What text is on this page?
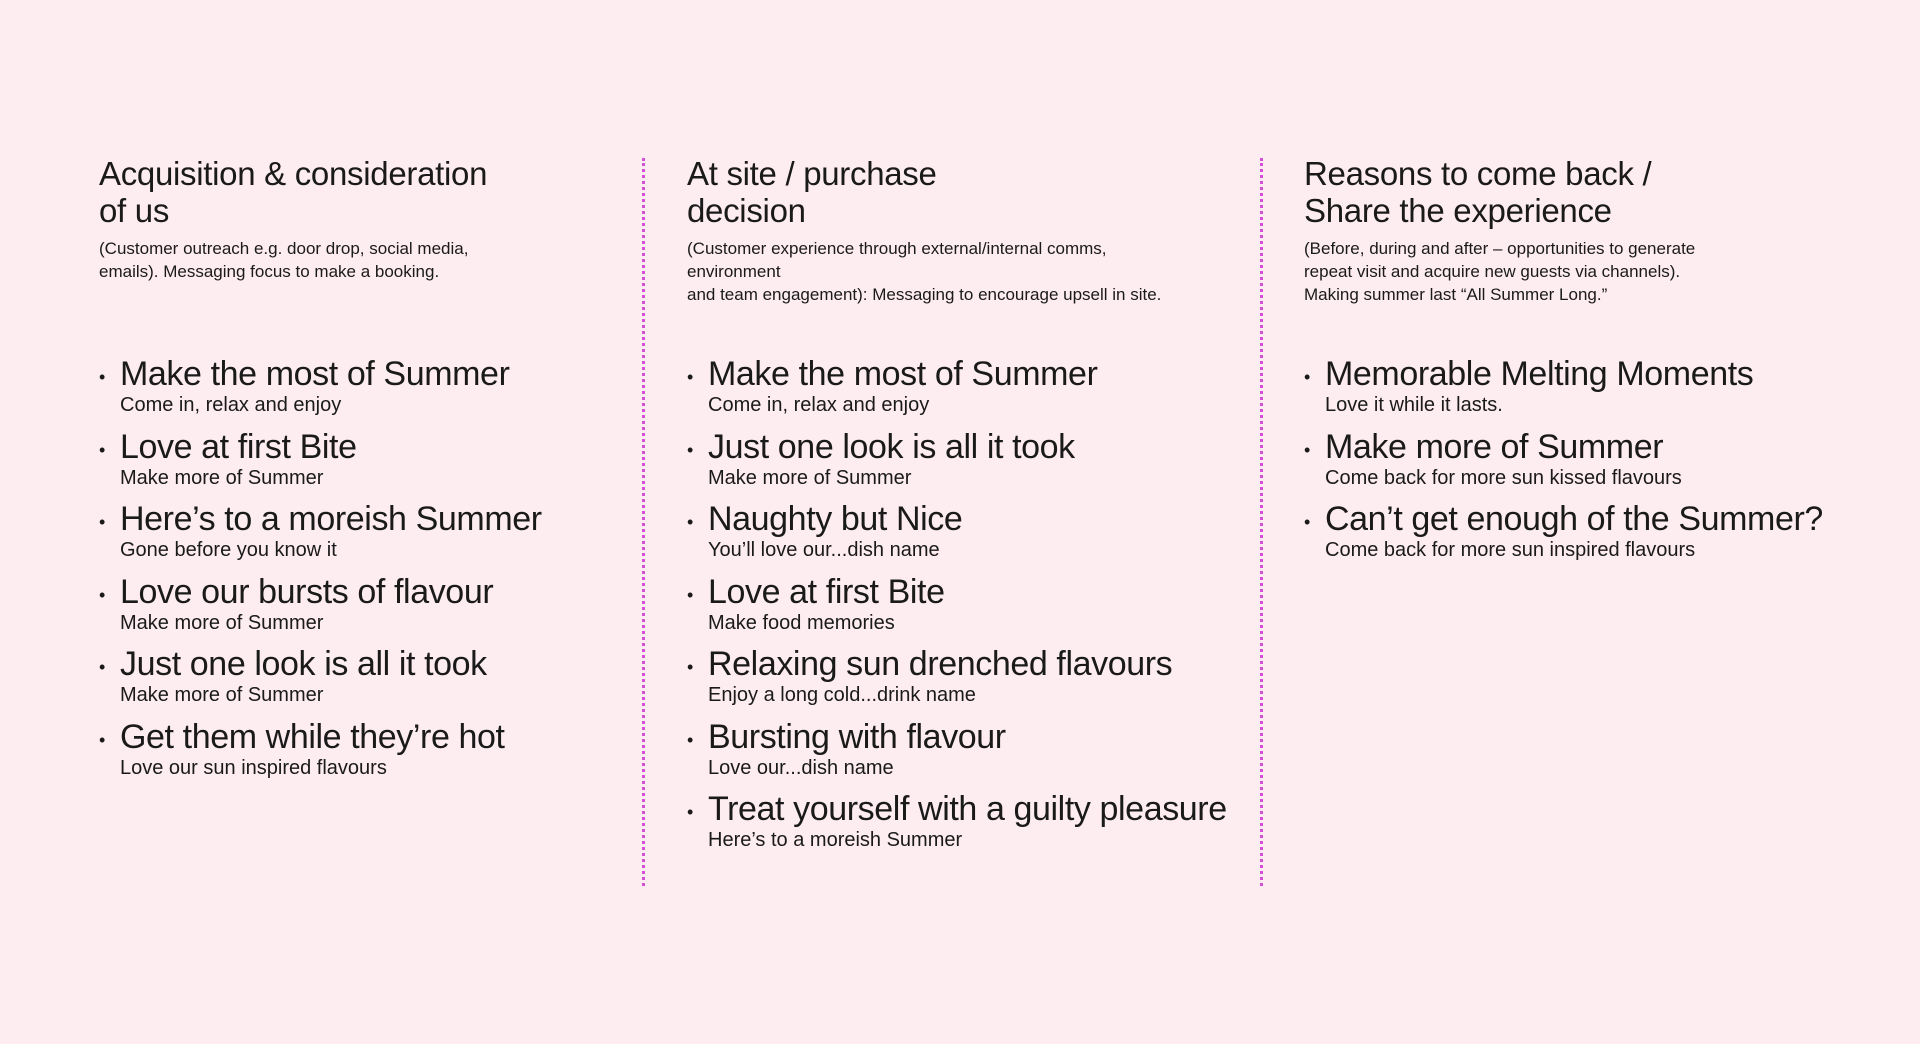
Acquisition & consideration
of us

(Customer outreach e.g. door drop, social media,
emails). Messaging focus to make a booking.

• Make the most of Summer
Come in, relax and enjoy
• Love at first Bite
Make more of Summer
• Here’s to a moreish Summer
Gone before you know it
• Love our bursts of flavour
Make more of Summer
• Just one look is all it took
Make more of Summer
• Get them while they’re hot
Love our sun inspired flavours
At site / purchase
decision

(Customer experience through external/internal comms, environment
and team engagement): Messaging to encourage upsell in site.

• Make the most of Summer
Come in, relax and enjoy
• Just one look is all it took
Make more of Summer
• Naughty but Nice
You’ll love our...dish name
• Love at first Bite
Make food memories
• Relaxing sun drenched flavours
Enjoy a long cold...drink name
• Bursting with flavour
Love our...dish name
• Treat yourself with a guilty pleasure
Here’s to a moreish Summer
Reasons to come back /
Share the experience

(Before, during and after – opportunities to generate
repeat visit and acquire new guests via channels).
Making summer last “All Summer Long.”

• Memorable Melting Moments
Love it while it lasts.
• Make more of Summer
Come back for more sun kissed flavours
• Can’t get enough of the Summer?
Come back for more sun inspired flavours
